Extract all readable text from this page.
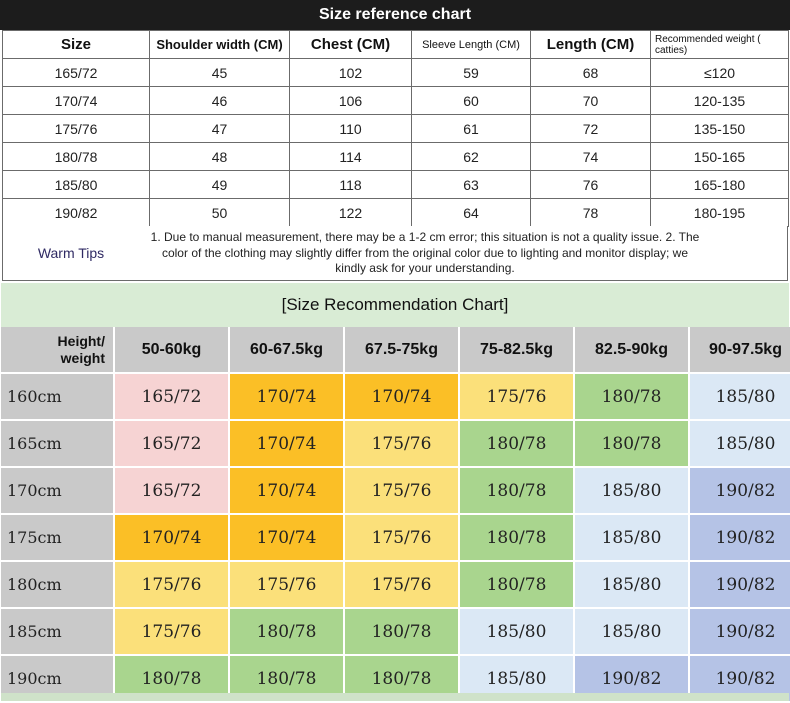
Size reference chart
Size	Shoulder width (CM)	Chest (CM)	Sleeve Length (CM)	Length (CM)	Recommended weight ( catties)
165/72	45	102	59	68	≤120
170/74	46	106	60	70	120-135
175/76	47	110	61	72	135-150
180/78	48	114	62	74	150-165
185/80	49	118	63	76	165-180
190/82	50	122	64	78	180-195
Warm Tips
1. Due to manual measurement, there may be a 1-2 cm error; this situation is not a quality issue. 2. The color of the clothing may slightly differ from the original color due to lighting and monitor display; we kindly ask for your understanding.
[Size Recommendation Chart]
Height/
weight	50-60kg	60-67.5kg	67.5-75kg	75-82.5kg	82.5-90kg	90-97.5kg
160cm	165/72	170/74	170/74	175/76	180/78	185/80
165cm	165/72	170/74	175/76	180/78	180/78	185/80
170cm	165/72	170/74	175/76	180/78	185/80	190/82
175cm	170/74	170/74	175/76	180/78	185/80	190/82
180cm	175/76	175/76	175/76	180/78	185/80	190/82
185cm	175/76	180/78	180/78	185/80	185/80	190/82
190cm	180/78	180/78	180/78	185/80	190/82	190/82
